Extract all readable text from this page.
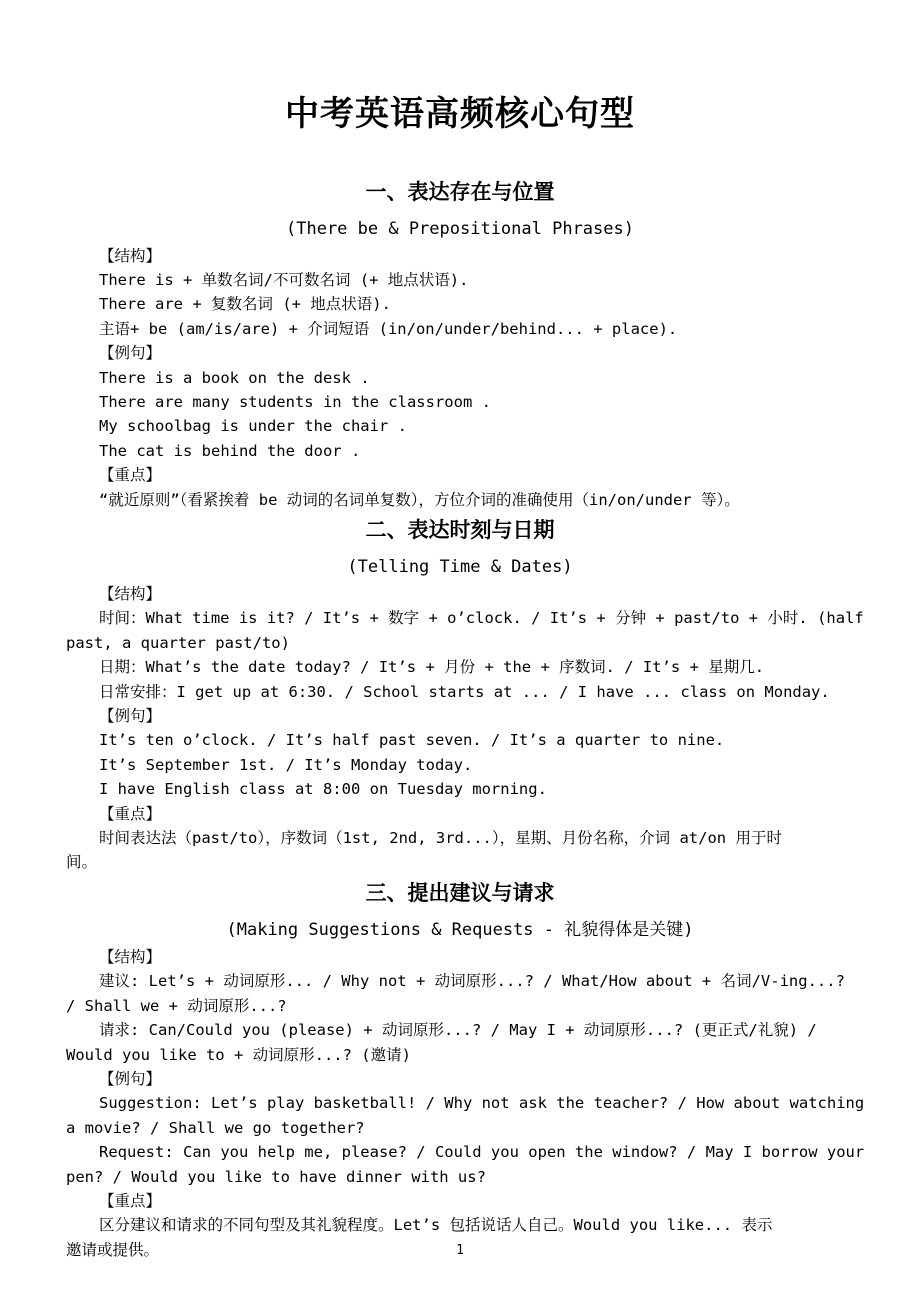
中考英语高频核心句型
一、表达存在与位置
(There be & Prepositional Phrases)
【结构】
There is + 单数名词/不可数名词 (+ 地点状语).
There are + 复数名词 (+ 地点状语).
主语+ be (am/is/are) + 介词短语 (in/on/under/behind... + place).
【例句】
There is a book on the desk .
There are many students in the classroom .
My schoolbag is under the chair .
The cat is behind the door .
【重点】
“就近原则”（看紧挨着 be 动词的名词单复数），方位介词的准确使用（in/on/under 等）。
二、表达时刻与日期
(Telling Time & Dates)
【结构】
时间：What time is it? / It’s + 数字 + o’clock. / It’s + 分钟 + past/to + 小时. (half
past, a quarter past/to)
日期：What’s the date today? / It’s + 月份 + the + 序数词. / It’s + 星期几.
日常安排：I get up at 6:30. / School starts at ... / I have ... class on Monday.
【例句】
It’s ten o’clock. / It’s half past seven. / It’s a quarter to nine.
It’s September 1st. / It’s Monday today.
I have English class at 8:00 on Tuesday morning.
【重点】
时间表达法（past/to），序数词（1st, 2nd, 3rd...），星期、月份名称，介词 at/on 用于时
间。
三、提出建议与请求
(Making Suggestions & Requests - 礼貌得体是关键)
【结构】
建议: Let’s + 动词原形... / Why not + 动词原形...? / What/How about + 名词/V-ing...?
/ Shall we + 动词原形...?
请求: Can/Could you (please) + 动词原形...? / May I + 动词原形...? (更正式/礼貌) /
Would you like to + 动词原形...? (邀请)
【例句】
Suggestion: Let’s play basketball! / Why not ask the teacher? / How about watching
a movie? / Shall we go together?
Request: Can you help me, please? / Could you open the window? / May I borrow your
pen? / Would you like to have dinner with us?
【重点】
区分建议和请求的不同句型及其礼貌程度。Let’s 包括说话人自己。Would you like... 表示
邀请或提供。	1
